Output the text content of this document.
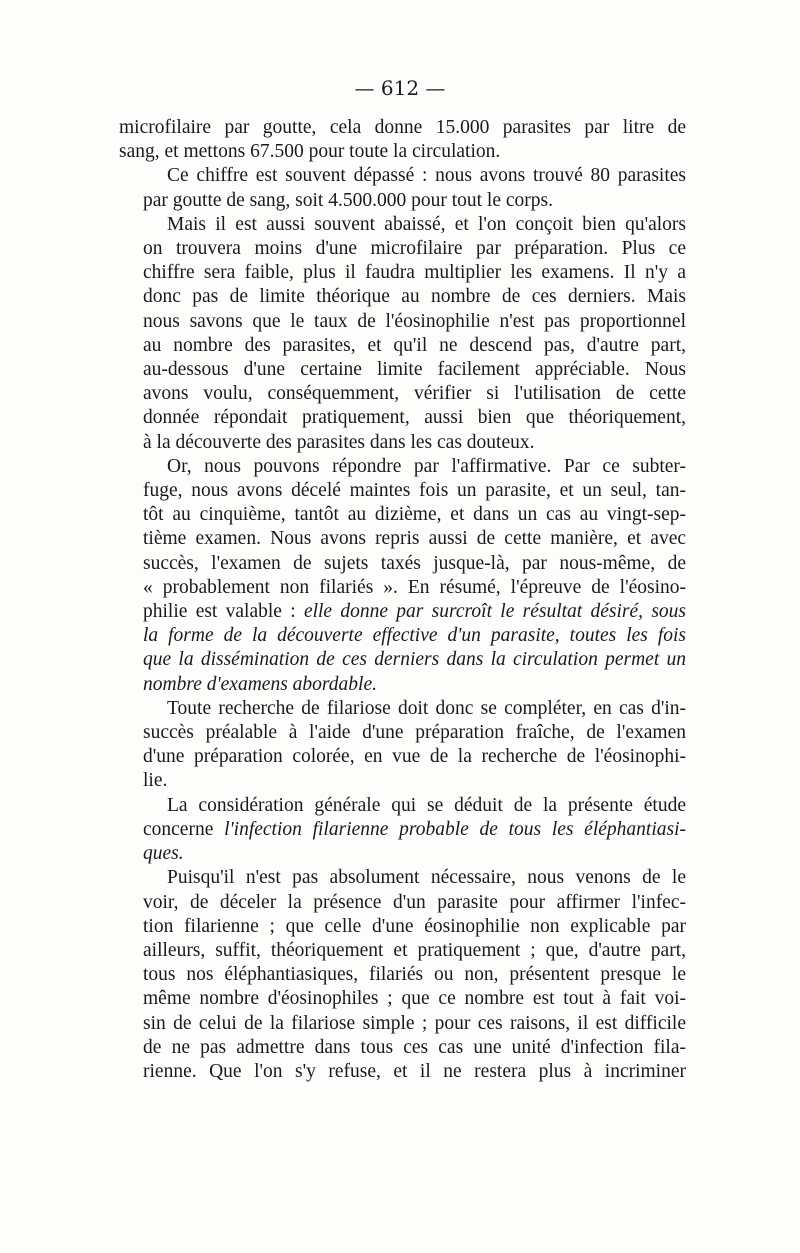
— 612 —
microfilaire par goutte, cela donne 15.000 parasites par litre de
sang, et mettons 67.500 pour toute la circulation.
Ce chiffre est souvent dépassé : nous avons trouvé 80 parasites
par goutte de sang, soit 4.500.000 pour tout le corps.
Mais il est aussi souvent abaissé, et l'on conçoit bien qu'alors
on trouvera moins d'une microfilaire par préparation. Plus ce
chiffre sera faible, plus il faudra multiplier les examens. Il n'y a
donc pas de limite théorique au nombre de ces derniers. Mais
nous savons que le taux de l'éosinophilie n'est pas proportionnel
au nombre des parasites, et qu'il ne descend pas, d'autre part,
au-dessous d'une certaine limite facilement appréciable. Nous
avons voulu, conséquemment, vérifier si l'utilisation de cette
donnée répondait pratiquement, aussi bien que théoriquement,
à la découverte des parasites dans les cas douteux.
Or, nous pouvons répondre par l'affirmative. Par ce subter-
fuge, nous avons décelé maintes fois un parasite, et un seul, tan-
tôt au cinquième, tantôt au dizième, et dans un cas au vingt-sep-
tième examen. Nous avons repris aussi de cette manière, et avec
succès, l'examen de sujets taxés jusque-là, par nous-même, de
« probablement non filariés ». En résumé, l'épreuve de l'éosino-
philie est valable : elle donne par surcroît le résultat désiré, sous
la forme de la découverte effective d'un parasite, toutes les fois
que la dissémination de ces derniers dans la circulation permet un
nombre d'examens abordable.
Toute recherche de filariose doit donc se compléter, en cas d'in-
succès préalable à l'aide d'une préparation fraîche, de l'examen
d'une préparation colorée, en vue de la recherche de l'éosinophi-
lie.
La considération générale qui se déduit de la présente étude
concerne l'infection filarienne probable de tous les éléphantiasi-
ques.
Puisqu'il n'est pas absolument nécessaire, nous venons de le
voir, de déceler la présence d'un parasite pour affirmer l'infec-
tion filarienne ; que celle d'une éosinophilie non explicable par
ailleurs, suffit, théoriquement et pratiquement ; que, d'autre part,
tous nos éléphantiasiques, filariés ou non, présentent presque le
même nombre d'éosinophiles ; que ce nombre est tout à fait voi-
sin de celui de la filariose simple ; pour ces raisons, il est difficile
de ne pas admettre dans tous ces cas une unité d'infection fila-
rienne. Que l'on s'y refuse, et il ne restera plus à incriminer
